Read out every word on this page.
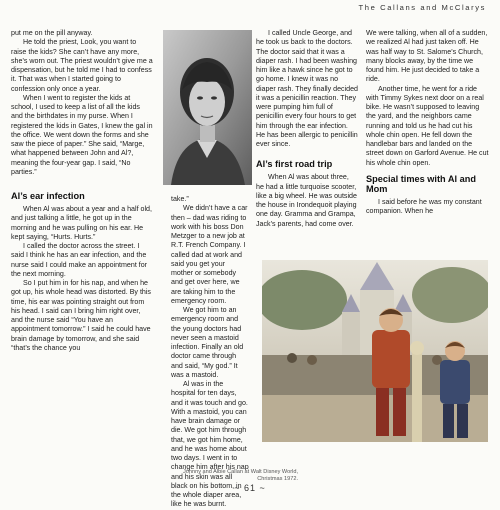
The Callans and McClarys

put me on the pill anyway.

He told the priest, Look, you want to raise the kids? She can’t have any more, she’s worn out. The priest wouldn’t give me a dispensation, but he told me I had to confess it. That was when I started going to confession only once a year.

When I went to register the kids at school, I used to keep a list of all the kids and the birthdates in my purse. When I registered the kids in Gates, I knew the gal in the office. We went down the forms and she saw the piece of paper.” She said, “Marge, what happened between John and Al?, meaning the four-year gap. I said, “No parties.”

Al’s ear infection

When Al was about a year and a half old, and just talking a little, he got up in the morning and he was pulling on his ear. He kept saying, “Hurts. Hurts.”

I called the doctor across the street. I said I think he has an ear infection, and the nurse said I could make an appointment for the next morning.

So I put him in for his nap, and when he got up, his whole head was distorted. By this time, his ear was pointing straight out from his head. I said can I bring him right over, and the nurse said “You have an appointment tomorrow.” I said he could have brain damage by tomorrow, and she said “that’s the chance you

take.”

We didn’t have a car then – dad was riding to work with his boss Don Metzger to a new job at R.T. French Company. I called dad at work and said you get your mother or somebody and get over here, we are taking him to the emergency room.

We got him to an emergency room and the young doctors had never seen a mastoid infection. Finally an old doctor came through and said, “My god.” It was a mastoid.

Al was in the hospital for ten days, and it was touch and go. With a mastoid, you can have brain damage or die. We got him through that, we got him home, and he was home about two days. I went in to change him after his nap and his skin was all black on his bottom, in the whole diaper area, like he was burnt.

I called Uncle George, and he took us back to the doctors. The doctor said that it was a diaper rash. I had been washing him like a hawk since he got to go home. I knew it was no diaper rash. They finally decided it was a penicillin reaction. They were pumping him full of penicillin every four hours to get him through the ear infection. He has been allergic to penicillin ever since.

Al’s first road trip

When Al was about three, he had a little turquoise scooter, like a big wheel. He was outside the house in Irondequoit playing one day. Gramma and Grampa, Jack’s parents, had come over.

We were talking, when all of a sudden, we realized Al had just taken off. He was half way to St. Salome’s Church, many blocks away, by the time we found him. He just decided to take a ride.

Another time, he went for a ride with Timmy Sykes next door on a real bike. He wasn’t supposed to leaving the yard, and the neighbors came running and told us he had cut his whole chin open. He fell down the handlebar bars and landed on the street down on Garford Avenue. He cut his whole chin open.

Special times with Al and Mom

I said before he was my constant companion. When he

Johnny and Albie Callan at Walt Disney World, Christmas 1972.
~ 61 ~
